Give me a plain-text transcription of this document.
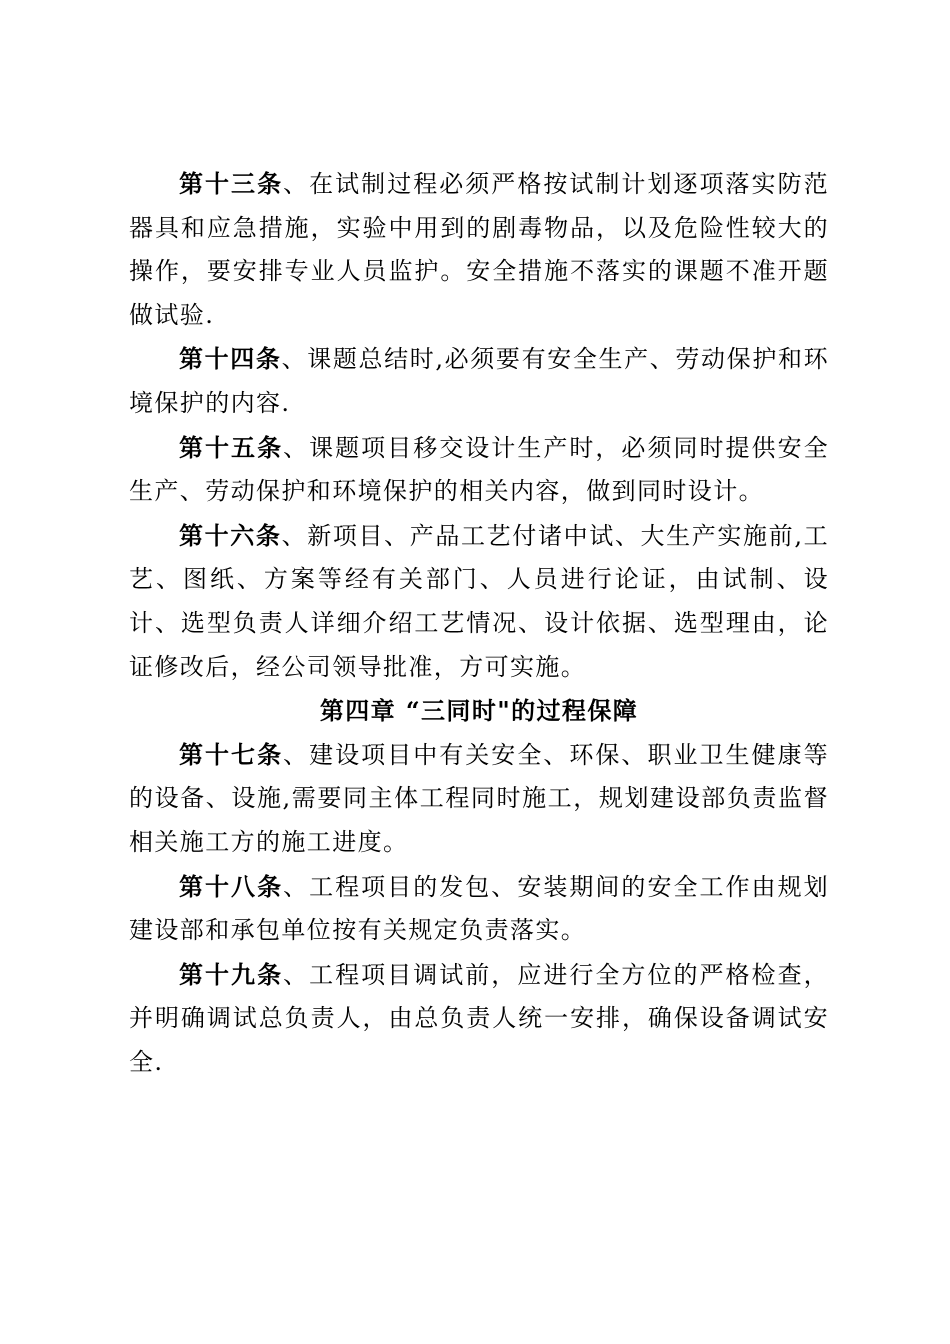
第十三条、在试制过程必须严格按试制计划逐项落实防范器具和应急措施，实验中用到的剧毒物品，以及危险性较大的操作，要安排专业人员监护。安全措施不落实的课题不准开题做试验.

第十四条、课题总结时,必须要有安全生产、劳动保护和环境保护的内容.

第十五条、课题项目移交设计生产时，必须同时提供安全生产、劳动保护和环境保护的相关内容，做到同时设计。

第十六条、新项目、产品工艺付诸中试、大生产实施前,工艺、图纸、方案等经有关部门、人员进行论证，由试制、设计、选型负责人详细介绍工艺情况、设计依据、选型理由，论证修改后，经公司领导批准，方可实施。

第四章 “三同时"的过程保障

第十七条、建设项目中有关安全、环保、职业卫生健康等的设备、设施,需要同主体工程同时施工，规划建设部负责监督相关施工方的施工进度。

第十八条、工程项目的发包、安装期间的安全工作由规划建设部和承包单位按有关规定负责落实。

第十九条、工程项目调试前，应进行全方位的严格检查，并明确调试总负责人，由总负责人统一安排，确保设备调试安全.
